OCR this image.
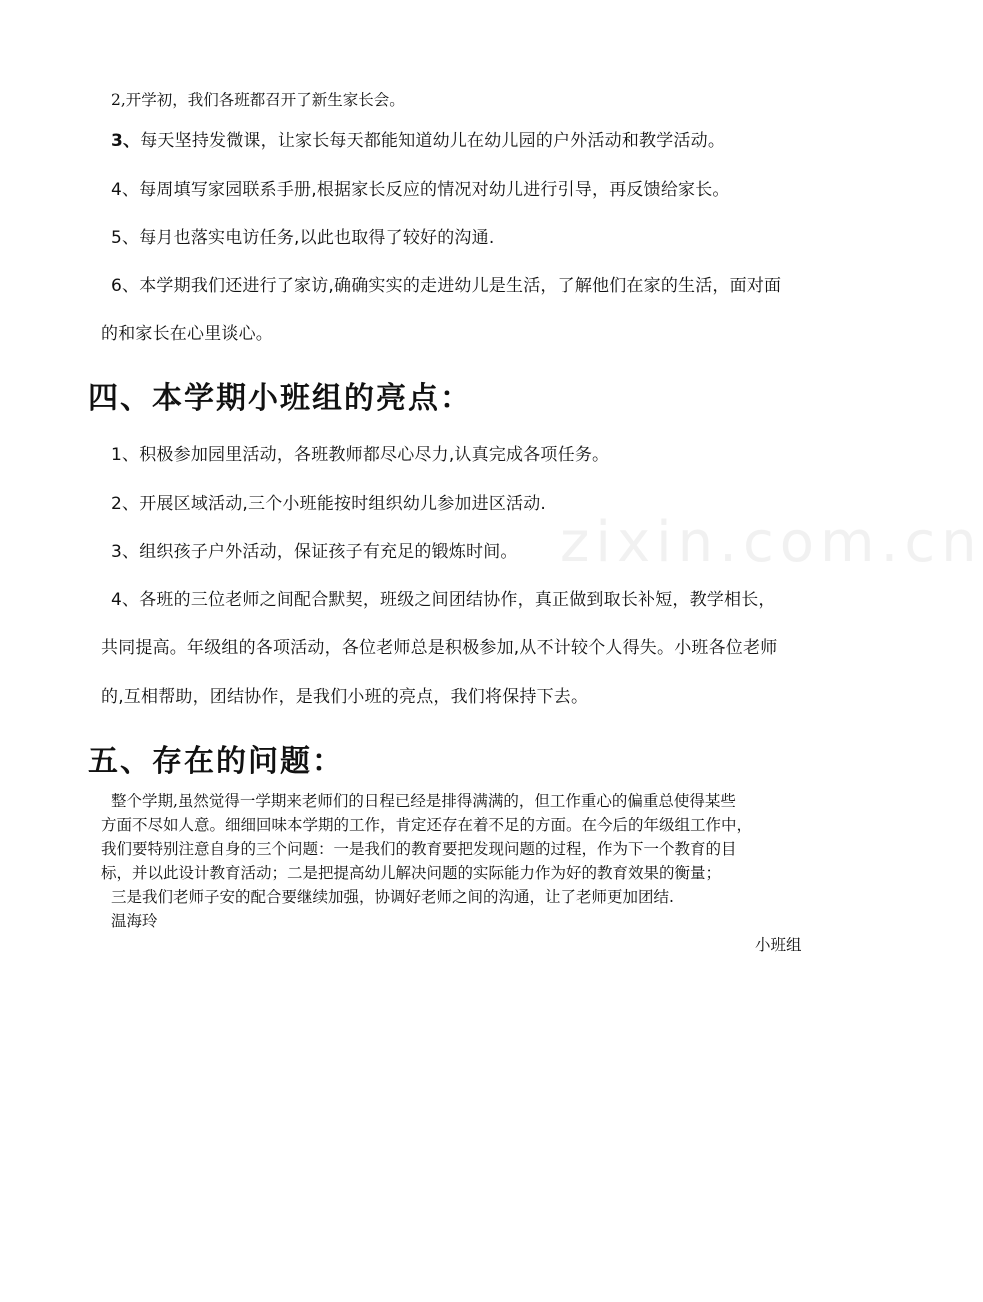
zixin.com.cn
2,开学初，我们各班都召开了新生家长会。
3、每天坚持发微课，让家长每天都能知道幼儿在幼儿园的户外活动和教学活动。
4、每周填写家园联系手册,根据家长反应的情况对幼儿进行引导，再反馈给家长。
5、每月也落实电访任务,以此也取得了较好的沟通.
6、本学期我们还进行了家访,确确实实的走进幼儿是生活，了解他们在家的生活，面对面
的和家长在心里谈心。
四、本学期小班组的亮点：
1、积极参加园里活动，各班教师都尽心尽力,认真完成各项任务。
2、开展区域活动,三个小班能按时组织幼儿参加进区活动.
3、组织孩子户外活动，保证孩子有充足的锻炼时间。
4、各班的三位老师之间配合默契，班级之间团结协作，真正做到取长补短，教学相长，
共同提高。年级组的各项活动，各位老师总是积极参加,从不计较个人得失。小班各位老师
的,互相帮助，团结协作，是我们小班的亮点，我们将保持下去。
五、存在的问题：
整个学期,虽然觉得一学期来老师们的日程已经是排得满满的，但工作重心的偏重总使得某些
方面不尽如人意。细细回味本学期的工作，肯定还存在着不足的方面。在今后的年级组工作中，
我们要特别注意自身的三个问题：一是我们的教育要把发现问题的过程，作为下一个教育的目
标，并以此设计教育活动；二是把提高幼儿解决问题的实际能力作为好的教育效果的衡量；
三是我们老师子安的配合要继续加强，协调好老师之间的沟通，让了老师更加团结.
温海玲
小班组
